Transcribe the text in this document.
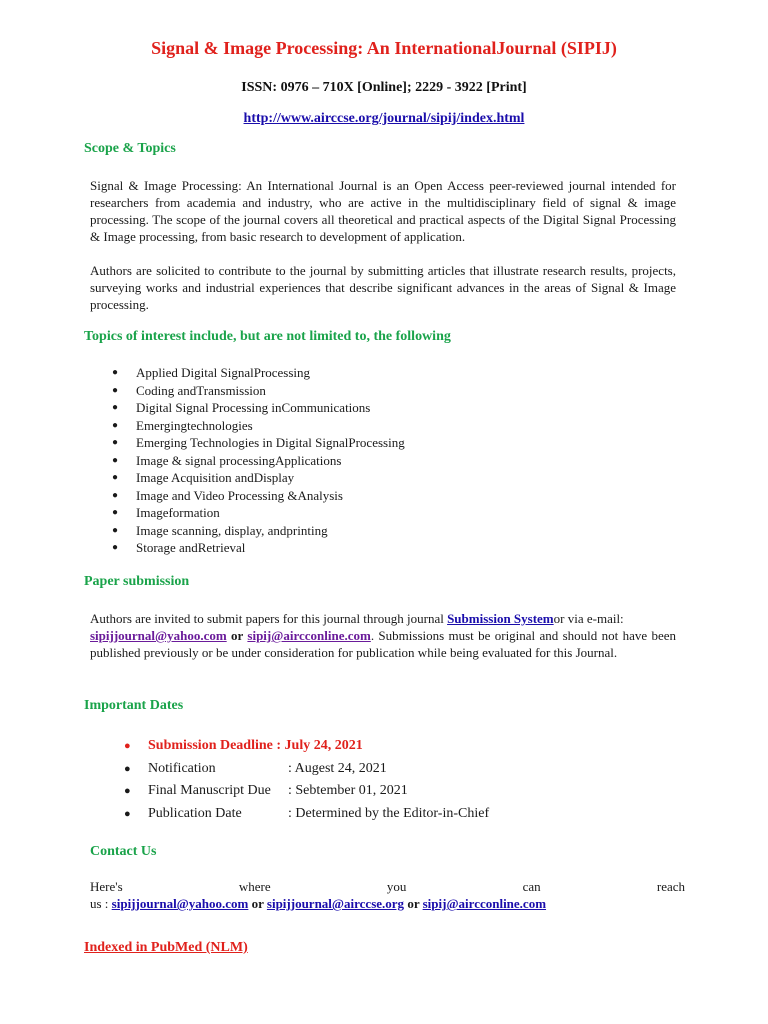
Signal & Image Processing: An InternationalJournal (SIPIJ)
ISSN: 0976 – 710X [Online]; 2229 - 3922 [Print]
http://www.airccse.org/journal/sipij/index.html
Scope & Topics

Signal & Image Processing: An International Journal is an Open Access peer-reviewed journal intended for researchers from academia and industry, who are active in the multidisciplinary field of signal & image processing. The scope of the journal covers all theoretical and practical aspects of the Digital Signal Processing & Image processing, from basic research to development of application.

Authors are solicited to contribute to the journal by submitting articles that illustrate research results, projects, surveying works and industrial experiences that describe significant advances in the areas of Signal & Image processing.

Topics of interest include, but are not limited to, the following
● Applied Digital SignalProcessing
● Coding andTransmission
● Digital Signal Processing inCommunications
● Emergingtechnologies
● Emerging Technologies in Digital SignalProcessing
● Image & signal processingApplications
● Image Acquisition andDisplay
● Image and Video Processing &Analysis
● Imageformation
● Image scanning, display, andprinting
● Storage andRetrieval
Paper submission

Authors are invited to submit papers for this journal through journal Submission Systemor via e-mail:
sipijjournal@yahoo.com or sipij@aircconline.com. Submissions must be original and should not have been published previously or be under consideration for publication while being evaluated for this Journal.

Important Dates
● Submission Deadline : July 24, 2021
● Notification	: Augest 24, 2021
● Final Manuscript Due : Sebtember 01, 2021
● Publication Date	: Determined by the Editor-in-Chief
Contact Us
Here's	where	you	can	reach
us : sipijjournal@yahoo.com or sipijjournal@airccse.org or sipij@aircconline.com
Indexed in PubMed (NLM)
